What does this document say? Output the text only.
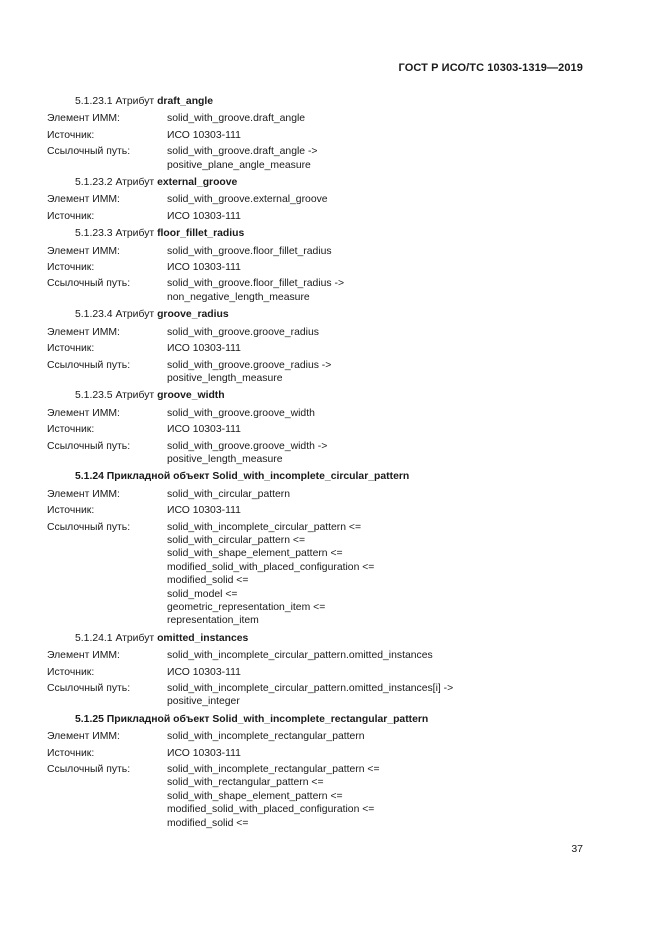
ГОСТ Р ИСО/ТС 10303-1319—2019
5.1.23.1 Атрибут draft_angle
Элемент ИММ:	solid_with_groove.draft_angle
Источник:	ИСО 10303-111
Ссылочный путь:	solid_with_groove.draft_angle ->
positive_plane_angle_measure
5.1.23.2 Атрибут external_groove
Элемент ИММ:	solid_with_groove.external_groove
Источник:	ИСО 10303-111
5.1.23.3 Атрибут floor_fillet_radius
Элемент ИММ:	solid_with_groove.floor_fillet_radius
Источник:	ИСО 10303-111
Ссылочный путь:	solid_with_groove.floor_fillet_radius ->
non_negative_length_measure
5.1.23.4 Атрибут groove_radius
Элемент ИММ:	solid_with_groove.groove_radius
Источник:	ИСО 10303-111
Ссылочный путь:	solid_with_groove.groove_radius ->
positive_length_measure
5.1.23.5 Атрибут groove_width
Элемент ИММ:	solid_with_groove.groove_width
Источник:	ИСО 10303-111
Ссылочный путь:	solid_with_groove.groove_width ->
positive_length_measure
5.1.24 Прикладной объект Solid_with_incomplete_circular_pattern
Элемент ИММ:	solid_with_circular_pattern
Источник:	ИСО 10303-111
Ссылочный путь:	solid_with_incomplete_circular_pattern <=
solid_with_circular_pattern <=
solid_with_shape_element_pattern <=
modified_solid_with_placed_configuration <=
modified_solid <=
solid_model <=
geometric_representation_item <=
representation_item
5.1.24.1 Атрибут omitted_instances
Элемент ИММ:	solid_with_incomplete_circular_pattern.omitted_instances
Источник:	ИСО 10303-111
Ссылочный путь:	solid_with_incomplete_circular_pattern.omitted_instances[i] ->
positive_integer
5.1.25 Прикладной объект Solid_with_incomplete_rectangular_pattern
Элемент ИММ:	solid_with_incomplete_rectangular_pattern
Источник:	ИСО 10303-111
Ссылочный путь:	solid_with_incomplete_rectangular_pattern <=
solid_with_rectangular_pattern <=
solid_with_shape_element_pattern <=
modified_solid_with_placed_configuration <=
modified_solid <=
37
